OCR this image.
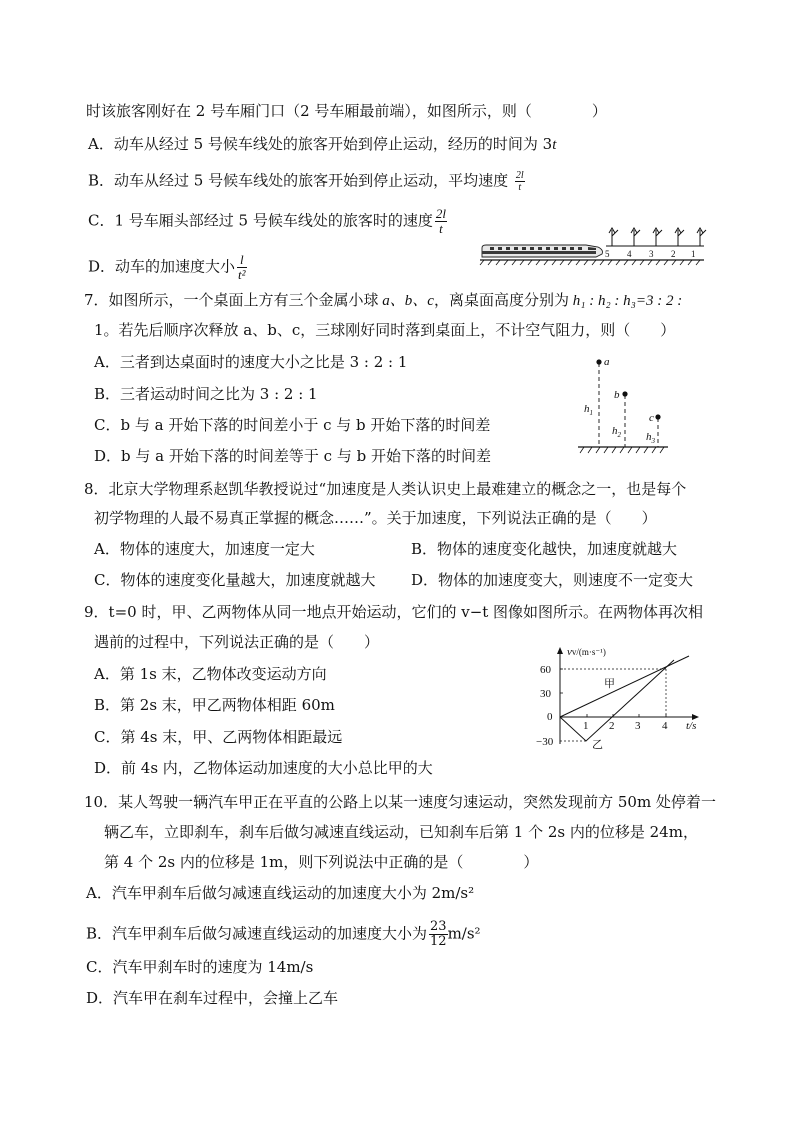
时该旅客刚好在 2 号车厢门口（2 号车厢最前端），如图所示，则（　　　　）
A．动车从经过 5 号候车线处的旅客开始到停止运动，经历的时间为 3t
B．动车从经过 5 号候车线处的旅客开始到停止运动，平均速度 $\frac{2l}{t}$
C．1 号车厢头部经过 5 号候车线处的旅客时的速度 $\frac{2l}{t}$
D．动车的加速度大小 $\frac{l}{\text{t²}}$	5 4 3 2 1
7．如图所示，一个桌面上方有三个金属小球 a、b、c，离桌面高度分别为 h₁ : h₂ : h₃=3 : 2 :
1。若先后顺序次释放 a、b、c，三球刚好同时落到桌面上，不计空气阻力，则（　　）
A．三者到达桌面时的速度大小之比是 3 : 2 : 1
B．三者运动时间之比为 3 : 2 : 1
C．b 与 a 开始下落的时间差小于 c 与 b 开始下落的时间差
D．b 与 a 开始下落的时间差等于 c 与 b 开始下落的时间差
a
b
c
$h_1$
$h_2$ $h_3$
8．北京大学物理系赵凯华教授说过“加速度是人类认识史上最难建立的概念之一，也是每个
初学物理的人最不易真正掌握的概念……”。关于加速度，下列说法正确的是（　　）
A．物体的速度大，加速度一定大	B．物体的速度变化越快，加速度就越大
C．物体的速度变化量越大，加速度就越大 D．物体的加速度变大，则速度不一定变大
9．t=0 时，甲、乙两物体从同一地点开始运动，它们的 v−t 图像如图所示。在两物体再次相
遇前的过程中，下列说法正确的是（　　）
A．第 1s 末，乙物体改变运动方向
B．第 2s 末，甲乙两物体相距 60m
C．第 4s 末，甲、乙两物体相距最远
D．前 4s 内，乙物体运动加速度的大小总比甲的大
vv/(m·s⁻¹)
60
30
0
−30
1 2 3 4 t/s
甲
乙
10．某人驾驶一辆汽车甲正在平直的公路上以某一速度匀速运动，突然发现前方 50m 处停着一
辆乙车，立即刹车，刹车后做匀减速直线运动，已知刹车后第 1 个 2s 内的位移是 24m，
第 4 个 2s 内的位移是 1m，则下列说法中正确的是（　　　　）
A．汽车甲刹车后做匀减速直线运动的加速度大小为 2m/s²
B．汽车甲刹车后做匀减速直线运动的加速度大小为 $\frac{23}{12} m/s^2$
C．汽车甲刹车时的速度为 14m/s
D．汽车甲在刹车过程中，会撞上乙车
